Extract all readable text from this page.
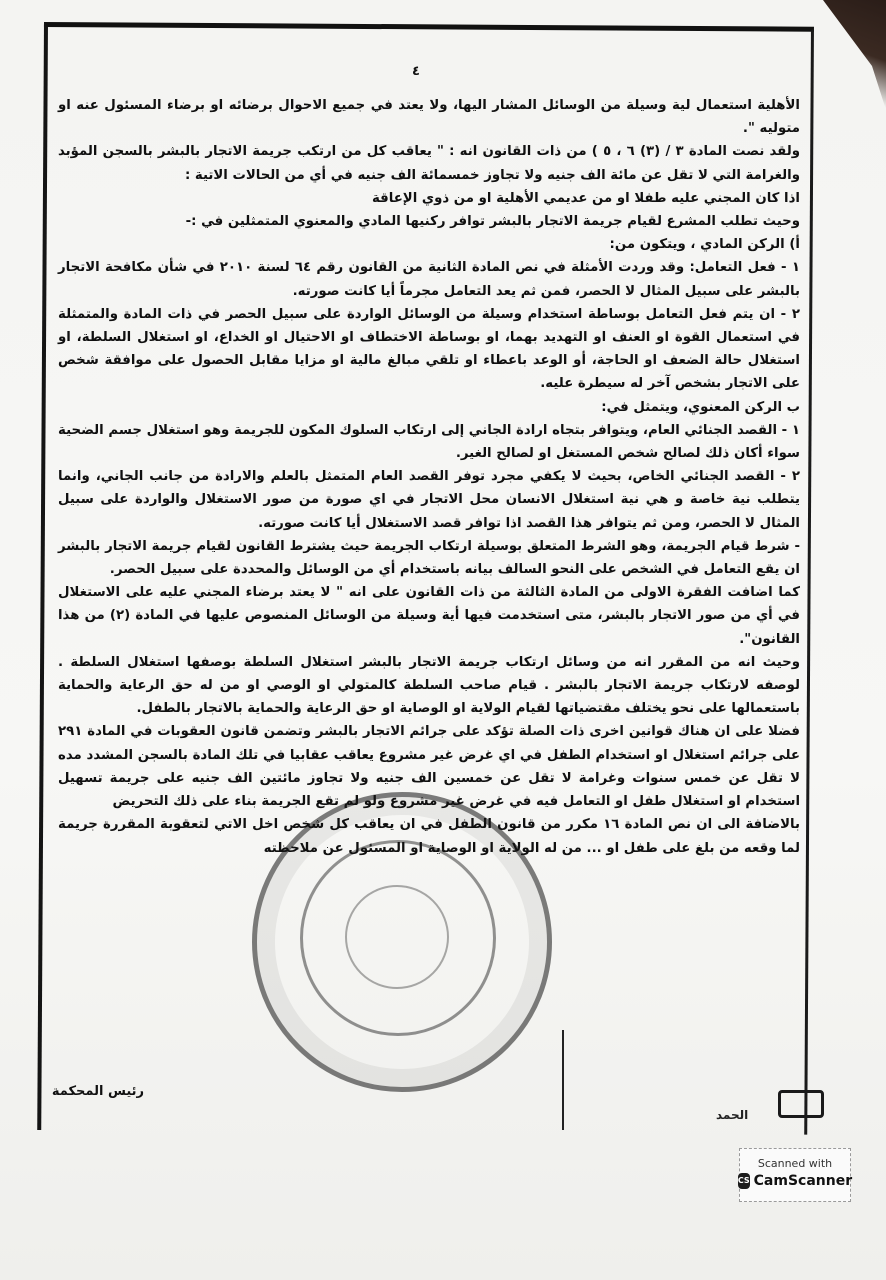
٤

الأهلية استعمال لية وسيلة من الوسائل المشار اليها، ولا يعتد في جميع الاحوال برضائه او برضاء المسئول عنه او متوليه ".

ولقد نصت المادة ٣ / (٣) ٦ ، ٥ ) من ذات القانون انه : " يعاقب كل من ارتكب جريمة الاتجار بالبشر بالسجن المؤبد والغرامة التي لا تقل عن مائة الف جنيه ولا تجاوز خمسمائة الف جنيه في أي من الحالات الاتية :

اذا كان المجني عليه طفلا او من عديمي الأهلية او من ذوي الإعاقة

وحيث تطلب المشرع لقيام جريمة الاتجار بالبشر توافر ركنيها المادي والمعنوي المتمثلين في :-

أ) الركن المادي ، ويتكون من:

١ - فعل التعامل: وقد وردت الأمثلة في نص المادة الثانية من القانون رقم ٦٤ لسنة ٢٠١٠ في شأن مكافحة الاتجار بالبشر على سبيل المثال لا الحصر، فمن ثم يعد التعامل مجرماً أيا كانت صورته.

٢ - ان يتم فعل التعامل بوساطة استخدام وسيلة من الوسائل الواردة على سبيل الحصر في ذات المادة والمتمثلة في استعمال القوة او العنف او التهديد بهما، او بوساطة الاختطاف او الاحتيال او الخداع، او استغلال السلطة، او استغلال حالة الضعف او الحاجة، أو الوعد باعطاء او تلقي مبالغ مالية او مزايا مقابل الحصول على موافقة شخص على الاتجار بشخص آخر له سيطرة عليه.

ب الركن المعنوي، ويتمثل في:

١ - القصد الجنائي العام، ويتوافر بتجاه ارادة الجاني إلى ارتكاب السلوك المكون للجريمة وهو استغلال جسم الضحية سواء أكان ذلك لصالح شخص المستغل او لصالح الغير.

٢ - القصد الجنائي الخاص، بحيث لا يكفي مجرد توفر القصد العام المتمثل بالعلم والارادة من جانب الجاني، وانما يتطلب نية خاصة و هي نية استغلال الانسان محل الاتجار في اي صورة من صور الاستغلال والواردة على سبيل المثال لا الحصر، ومن ثم يتوافر هذا القصد اذا توافر قصد الاستغلال أيا كانت صورته.

- شرط قيام الجريمة، وهو الشرط المتعلق بوسيلة ارتكاب الجريمة حيث يشترط القانون لقيام جريمة الاتجار بالبشر ان يقع التعامل في الشخص على النحو السالف بيانه باستخدام أي من الوسائل والمحددة على سبيل الحصر.

كما اضافت الفقرة الاولى من المادة الثالثة من ذات القانون على انه " لا يعتد برضاء المجني عليه على الاستغلال في أي من صور الاتجار بالبشر، متى استخدمت فيها أية وسيلة من الوسائل المنصوص عليها في المادة (٢) من هذا القانون".

وحيث انه من المقرر انه من وسائل ارتكاب جريمة الاتجار بالبشر استغلال السلطة بوصفها استغلال السلطة . لوصفه لارتكاب جريمة الاتجار بالبشر . قيام صاحب السلطة كالمتولي او الوصي او من له حق الرعاية والحماية باستعمالها على نحو يختلف مقتضياتها لقيام الولاية او الوصاية او حق الرعاية والحماية بالاتجار بالطفل.

فضلا على ان هناك قوانين اخرى ذات الصلة تؤكد على جرائم الاتجار بالبشر وتضمن قانون العقوبات في المادة ٢٩١ على جرائم استغلال او استخدام الطفل في اي غرض غير مشروع يعاقب عقابيا في تلك المادة بالسجن المشدد مده لا تقل عن خمس سنوات وغرامة لا تقل عن خمسين الف جنيه ولا تجاوز مائتين الف جنيه على جريمة تسهيل استخدام او استغلال طفل او التعامل فيه في غرض غير مشروع ولو لم تقع الجريمة بناء على ذلك التحريض

بالاضافة الى ان نص المادة ١٦ مكرر من قانون الطفل في ان يعاقب كل شخص اخل الاتي لتعقوبة المقررة جريمة لما وقعه من بلغ على طفل او ... من له الولاية او الوصاية او المسئول عن ملاحظته

رئيس المحكمة
الحمد
Scanned with
CS CamScanner
